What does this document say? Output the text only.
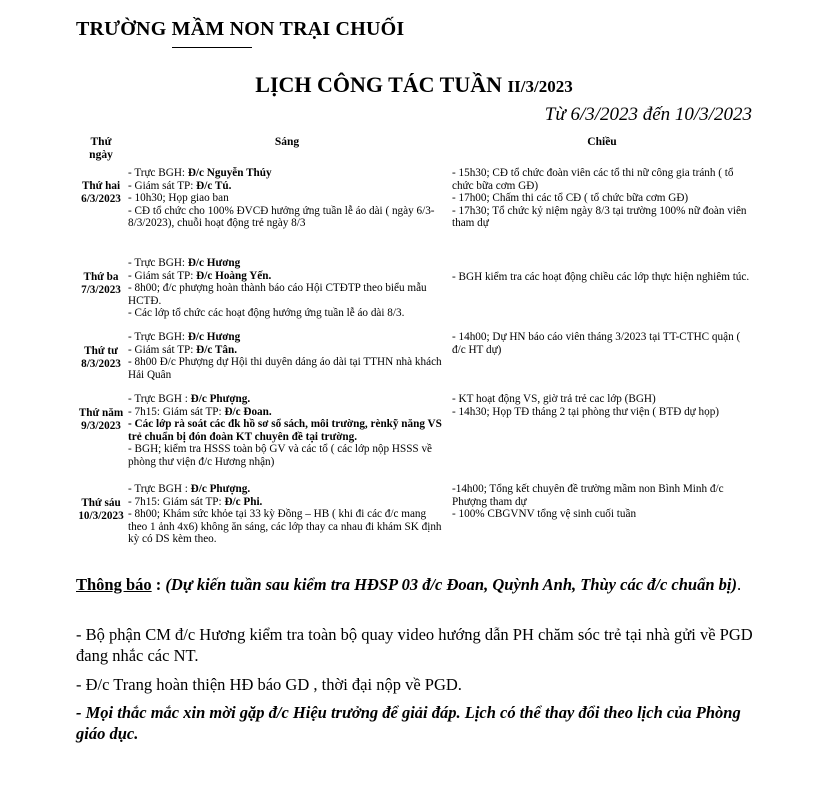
TRƯỜNG MẦM NON TRẠI CHUỐI
LỊCH CÔNG TÁC TUẦN II/3/2023
Từ 6/3/2023 đến 10/3/2023
Thứ
ngày
Sáng	Chiều
Thứ hai
6/3/2023
- Trực BGH: Đ/c Nguyễn Thúy
- Giám sát TP: Đ/c Tú.
- 10h30; Họp giao ban
- CĐ tổ chức cho 100% ĐVCĐ hưởng ứng tuần lễ áo dài ( ngày 6/3-8/3/2023), chuỗi hoạt động trẻ ngày 8/3
- 15h30; CĐ tổ chức đoàn viên các tổ thi nữ công gia tránh ( tổ chức bữa cơm GĐ)
- 17h00; Chấm thi các tổ CĐ ( tổ chức bữa cơm GĐ)
- 17h30; Tổ chức kỷ niệm ngày 8/3 tại trường 100% nữ đoàn viên tham dự
Thứ ba
7/3/2023
- Trực BGH: Đ/c Hương
- Giám sát TP: Đ/c Hoàng Yến.
- 8h00; đ/c phượng hoàn thành báo cáo Hội CTĐTP theo biểu mẫu HCTĐ.
- Các lớp tổ chức các hoạt động hướng ứng tuần lễ áo dài 8/3.
- BGH kiểm tra các hoạt động chiều các lớp thực hiện nghiêm túc.
Thứ tư
8/3/2023
- Trực BGH: Đ/c Hương
- Giám sát TP: Đ/c Tân.
- 8h00 Đ/c Phượng dự Hội thi duyên dáng áo dài tại TTHN nhà khách Hải Quân
- 14h00; Dự HN báo cáo viên tháng 3/2023 tại TT-CTHC quận ( đ/c HT dự)
Thứ năm
9/3/2023
- Trực BGH : Đ/c Phượng.
- 7h15: Giám sát TP: Đ/c Đoan.
- Các lớp rà soát các đk hồ sơ sổ sách, môi trường, rènkỹ năng VS trẻ chuẩn bị đón đoàn KT chuyên đề tại trường.
- BGH; kiểm tra HSSS toàn bộ GV và các tổ ( các lớp nộp HSSS về phòng thư viện đ/c Hương nhận)
- KT hoạt động VS, giờ trả trẻ cac lớp (BGH)
- 14h30; Họp TĐ tháng 2 tại phòng thư viện ( BTĐ dự họp)
Thứ sáu
10/3/2023
- Trực BGH : Đ/c Phượng.
- 7h15: Giám sát TP: Đ/c Phi.
- 8h00; Khám sức khỏe tại 33 kỳ Đồng – HB ( khi đi các đ/c mang theo 1 ảnh 4x6) không ăn sáng, các lớp thay ca nhau đi khám SK định kỳ có DS kèm theo.
-14h00; Tổng kết chuyên đề trường mầm non Bình Minh đ/c Phượng tham dự
- 100% CBGVNV tổng vệ sinh cuối tuần
Thông báo : (Dự kiến tuần sau kiểm tra HĐSP 03 đ/c Đoan, Quỳnh Anh, Thùy các đ/c chuẩn bị).
- Bộ phận CM đ/c Hương kiểm tra toàn bộ quay video hướng dẫn PH chăm sóc trẻ tại nhà gửi về PGD đang nhắc các NT.
- Đ/c Trang hoàn thiện HĐ báo GD , thời đại nộp về PGD.
- Mọi thắc mắc xin mời gặp đ/c Hiệu trưởng để giải đáp. Lịch có thể thay đổi theo lịch của Phòng giáo dục.
